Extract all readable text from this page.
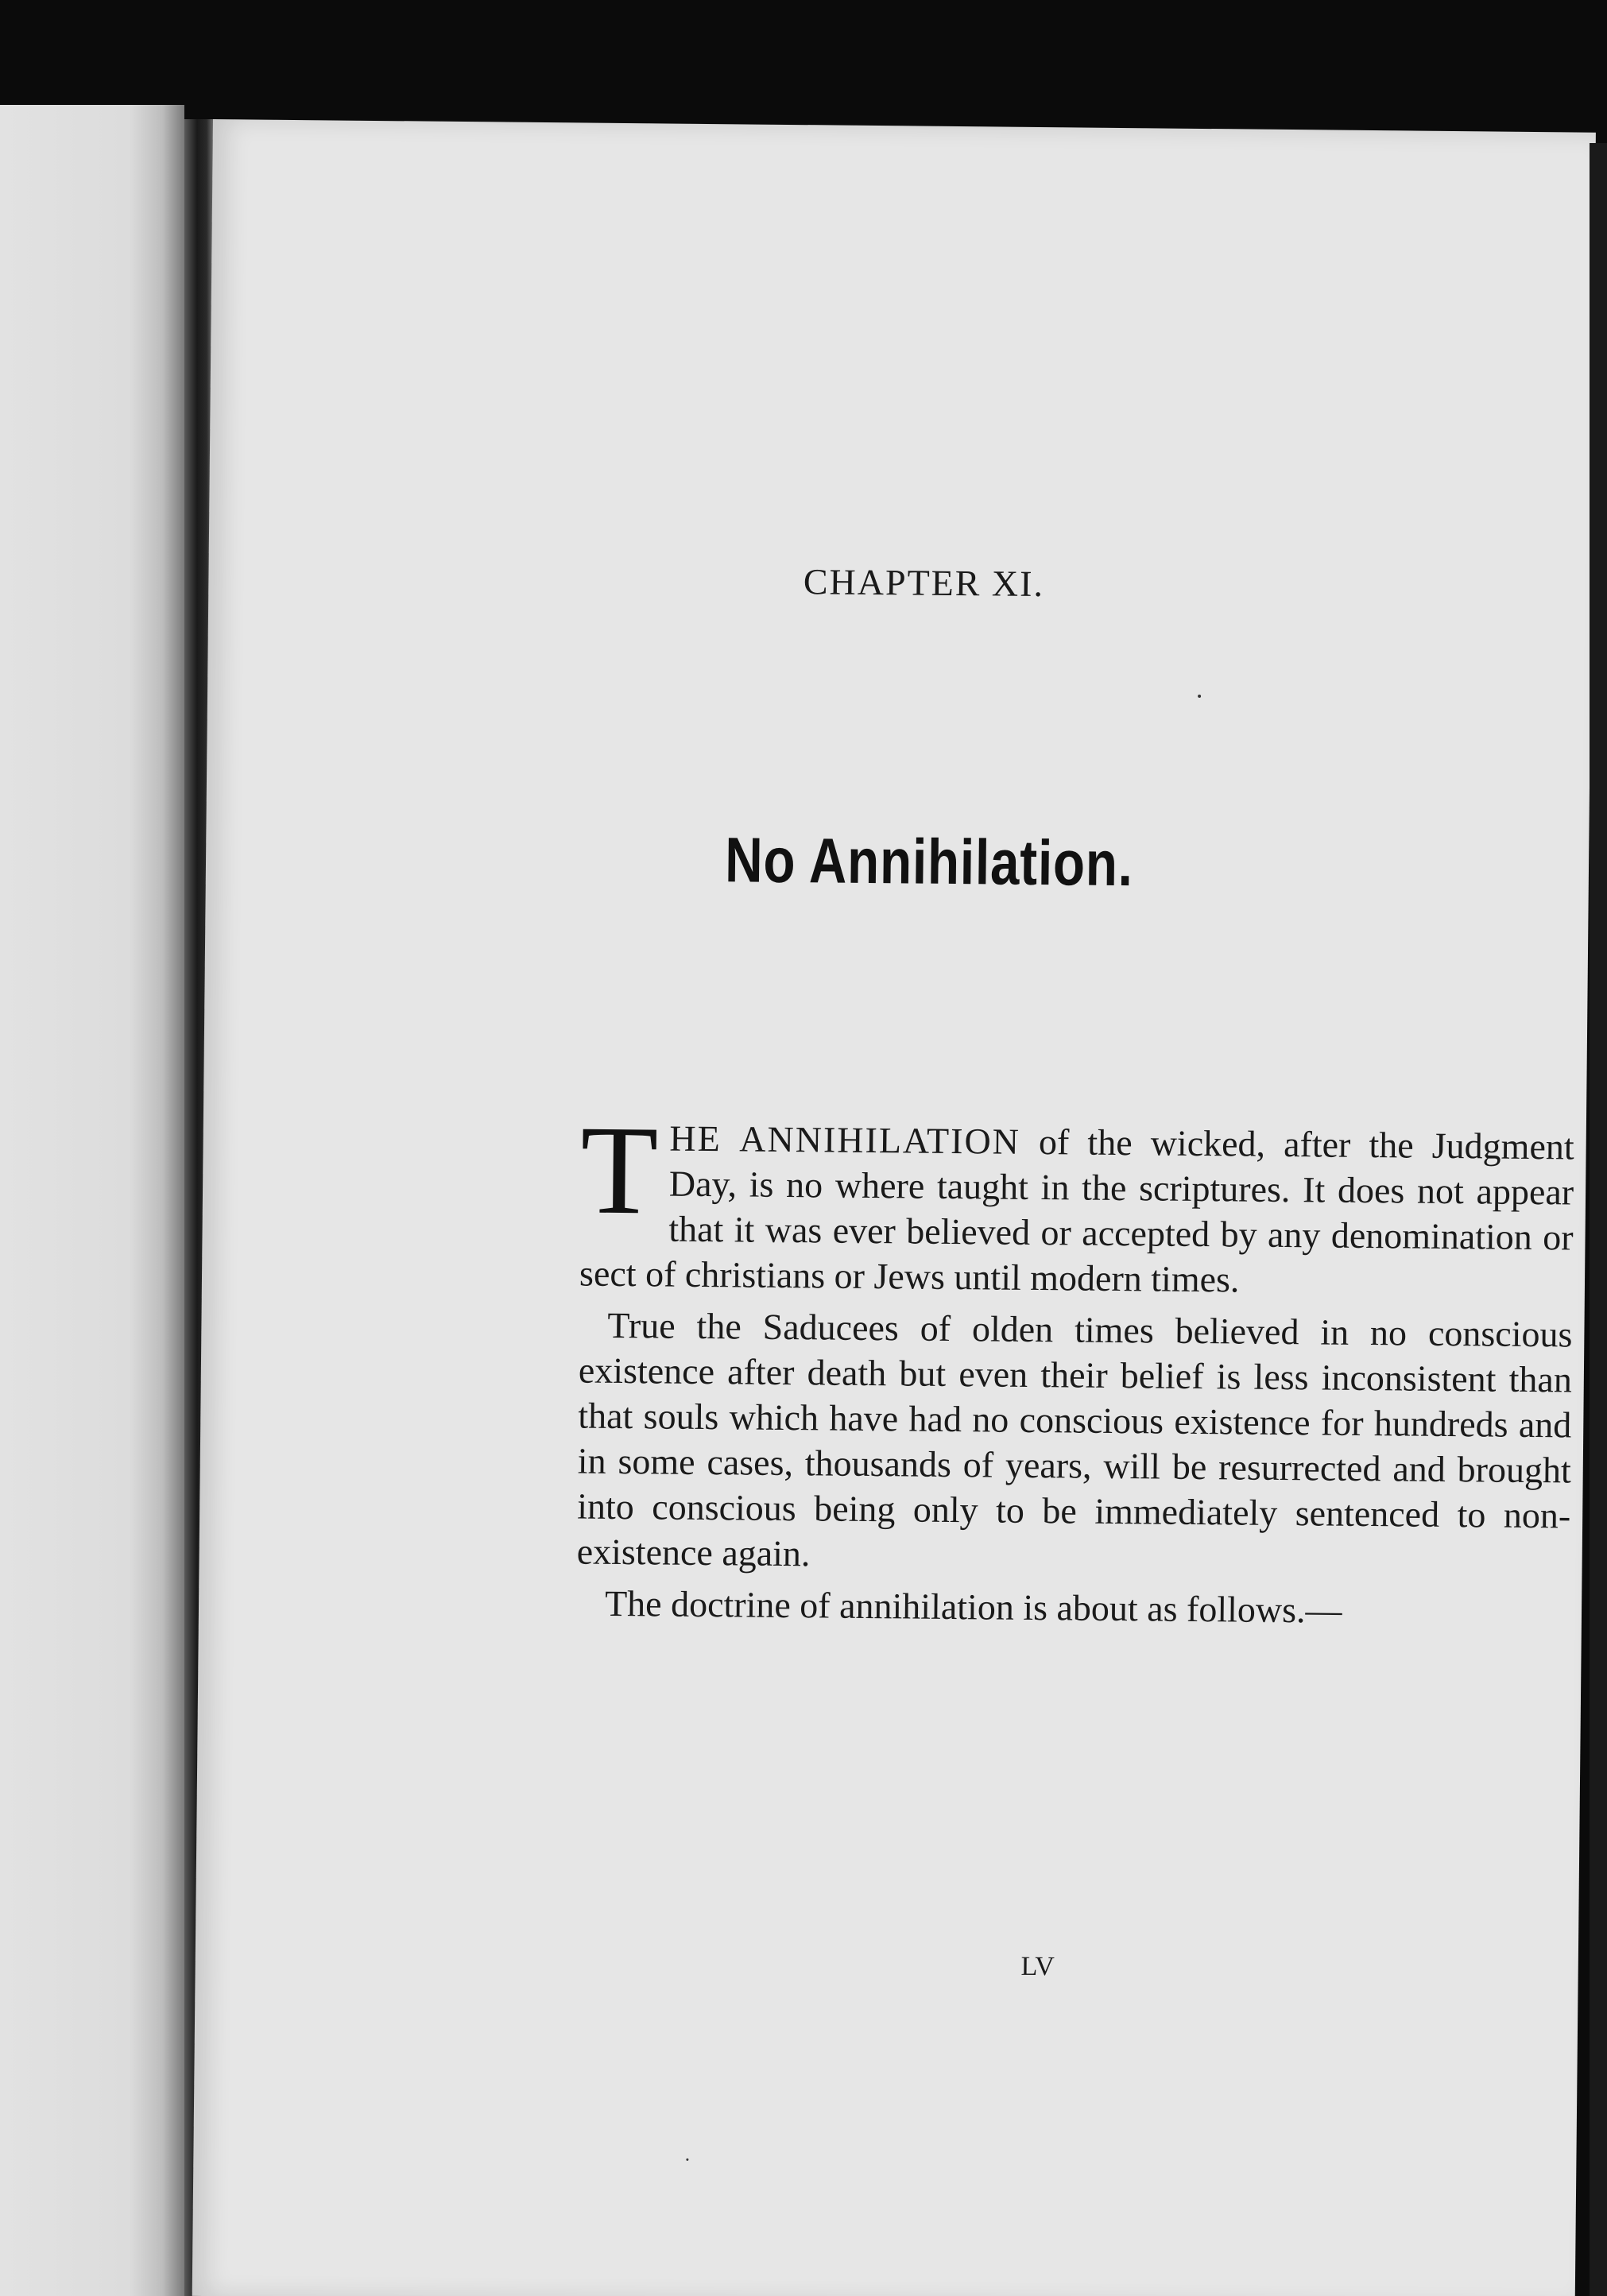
CHAPTER XI.
No Annihilation.

THE ANNIHILATION of the wicked, after the Judgment Day, is no where taught in the scriptures. It does not appear that it was ever believed or accepted by any denomination or sect of christians or Jews until modern times.

True the Saducees of olden times believed in no conscious existence after death but even their belief is less inconsistent than that souls which have had no conscious existence for hundreds and in some cases, thousands of years, will be resurrected and brought into conscious being only to be immediately sentenced to non-existence again.

The doctrine of annihilation is about as follows.—

LV
